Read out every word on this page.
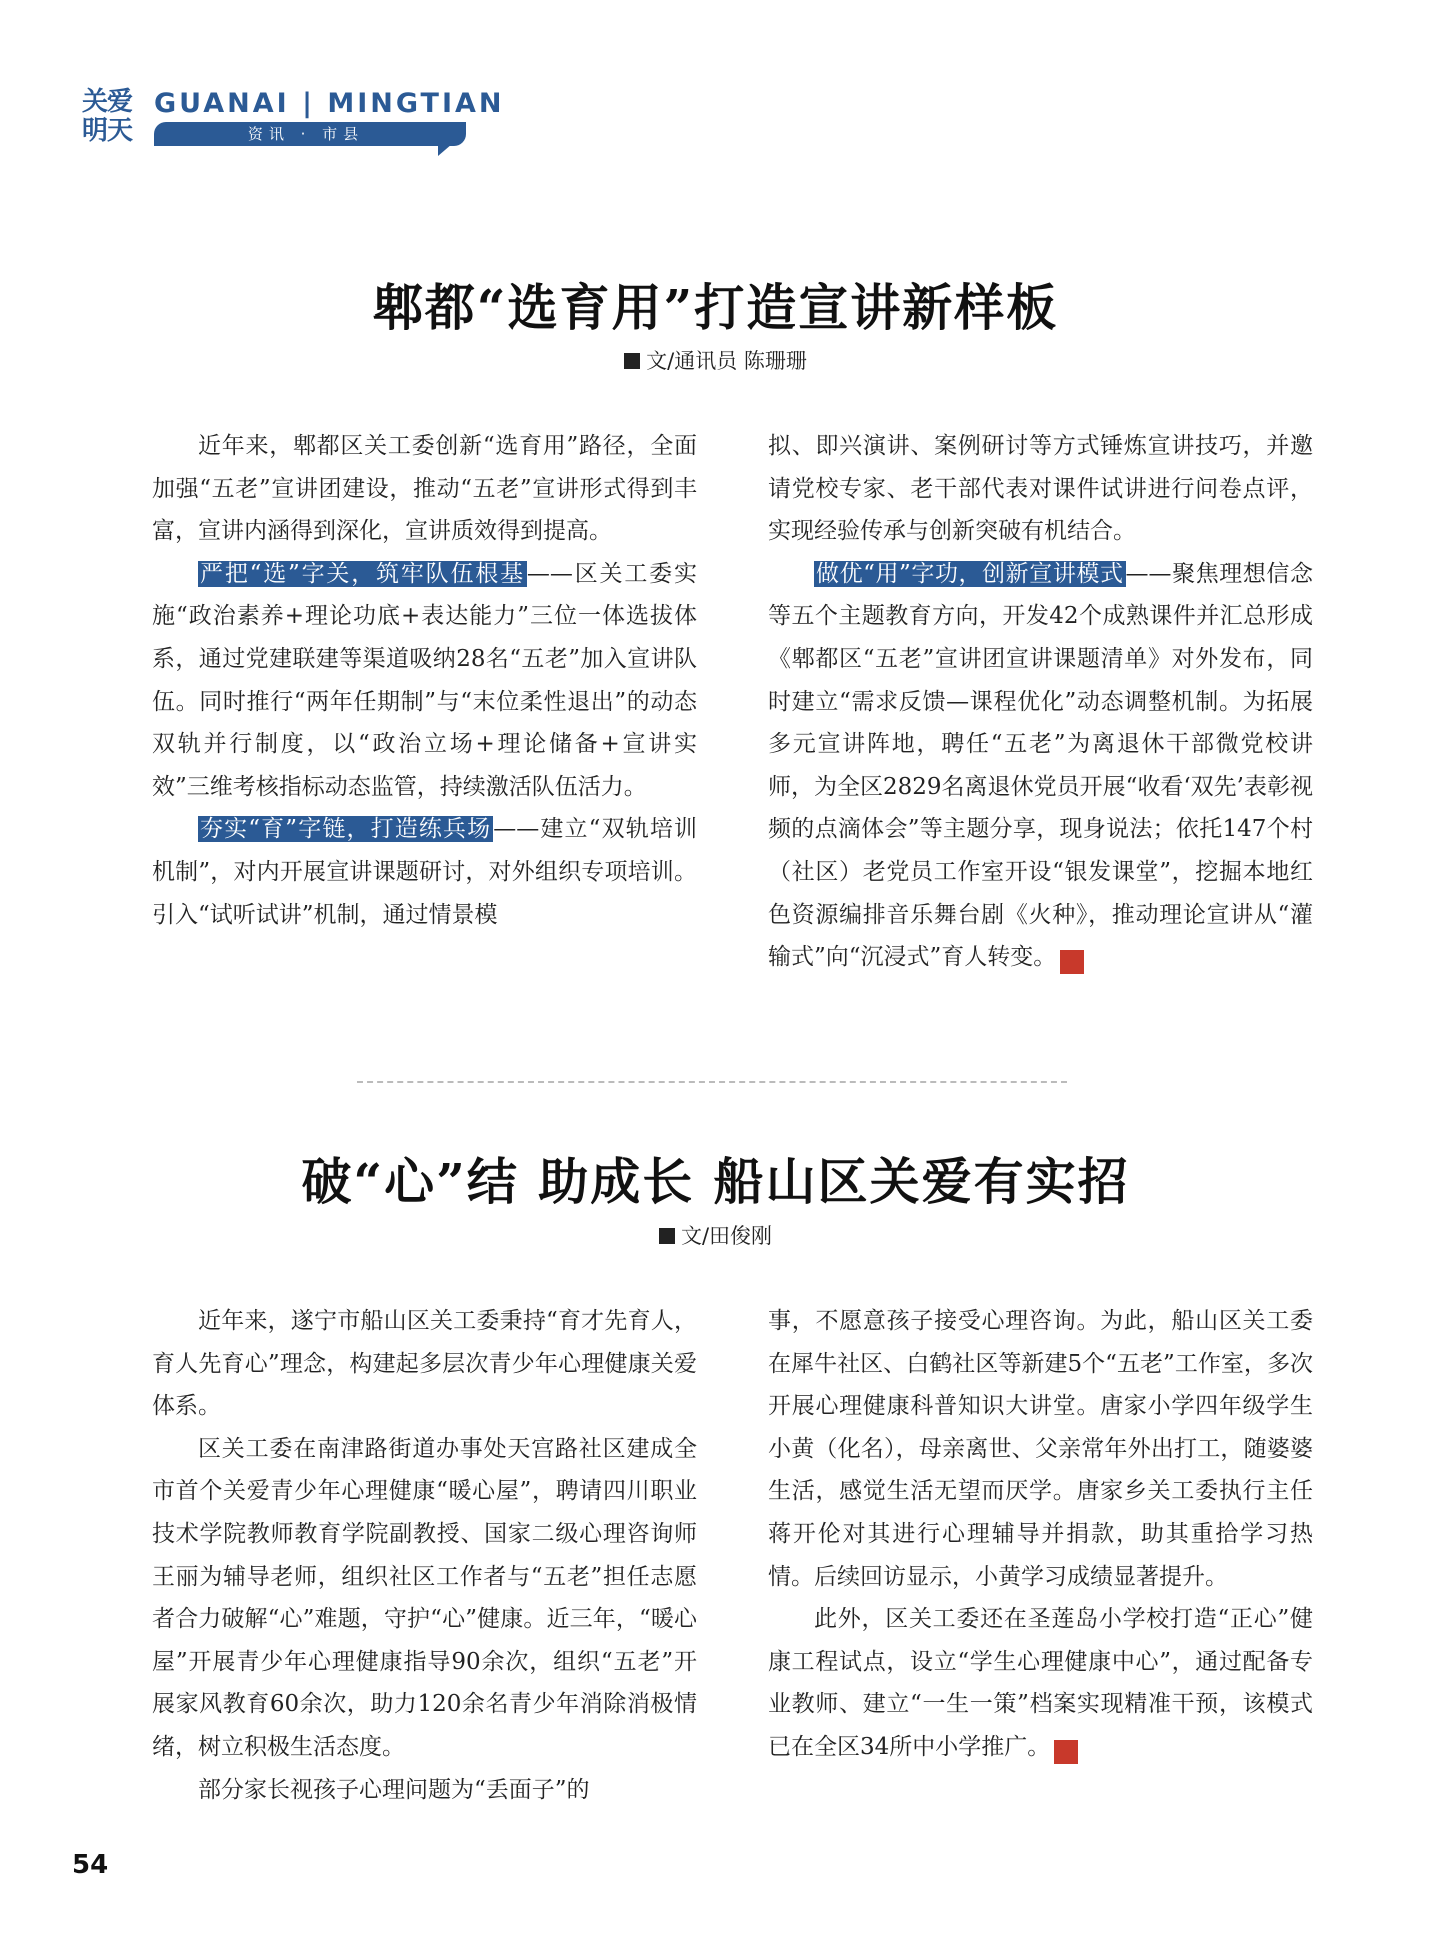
关爱明天
GUANAI | MINGTIAN
资讯 · 市县
郫都“选育用”打造宣讲新样板
文/通讯员 陈珊珊

近年来，郫都区关工委创新“选育用”路径，全面加强“五老”宣讲团建设，推动“五老”宣讲形式得到丰富，宣讲内涵得到深化，宣讲质效得到提高。

严把“选”字关，筑牢队伍根基——区关工委实施“政治素养+理论功底+表达能力”三位一体选拔体系，通过党建联建等渠道吸纳28名“五老”加入宣讲队伍。同时推行“两年任期制”与“末位柔性退出”的动态双轨并行制度，以“政治立场+理论储备+宣讲实效”三维考核指标动态监管，持续激活队伍活力。

夯实“育”字链，打造练兵场——建立“双轨培训机制”，对内开展宣讲课题研讨，对外组织专项培训。引入“试听试讲”机制，通过情景模

拟、即兴演讲、案例研讨等方式锤炼宣讲技巧，并邀请党校专家、老干部代表对课件试讲进行问卷点评，实现经验传承与创新突破有机结合。

做优“用”字功，创新宣讲模式——聚焦理想信念等五个主题教育方向，开发42个成熟课件并汇总形成《郫都区“五老”宣讲团宣讲课题清单》对外发布，同时建立“需求反馈—课程优化”动态调整机制。为拓展多元宣讲阵地，聘任“五老”为离退休干部微党校讲师，为全区2829名离退休党员开展“收看‘双先’表彰视频的点滴体会”等主题分享，现身说法；依托147个村（社区）老党员工作室开设“银发课堂”，挖掘本地红色资源编排音乐舞台剧《火种》，推动理论宣讲从“灌输式”向“沉浸式”育人转变。	关

破“心”结 助成长 船山区关爱有实招
文/田俊刚

近年来，遂宁市船山区关工委秉持“育才先育人，育人先育心”理念，构建起多层次青少年心理健康关爱体系。

区关工委在南津路街道办事处天宫路社区建成全市首个关爱青少年心理健康“暖心屋”，聘请四川职业技术学院教师教育学院副教授、国家二级心理咨询师王丽为辅导老师，组织社区工作者与“五老”担任志愿者合力破解“心”难题，守护“心”健康。近三年，“暖心屋”开展青少年心理健康指导90余次，组织“五老”开展家风教育60余次，助力120余名青少年消除消极情绪，树立积极生活态度。

部分家长视孩子心理问题为“丢面子”的

事，不愿意孩子接受心理咨询。为此，船山区关工委在犀牛社区、白鹤社区等新建5个“五老”工作室，多次开展心理健康科普知识大讲堂。唐家小学四年级学生小黄（化名），母亲离世、父亲常年外出打工，随婆婆生活，感觉生活无望而厌学。唐家乡关工委执行主任蒋开伦对其进行心理辅导并捐款，助其重拾学习热情。后续回访显示，小黄学习成绩显著提升。

此外，区关工委还在圣莲岛小学校打造“正心”健康工程试点，设立“学生心理健康中心”，通过配备专业教师、建立“一生一策”档案实现精准干预，该模式已在全区34所中小学推广。	关

54
